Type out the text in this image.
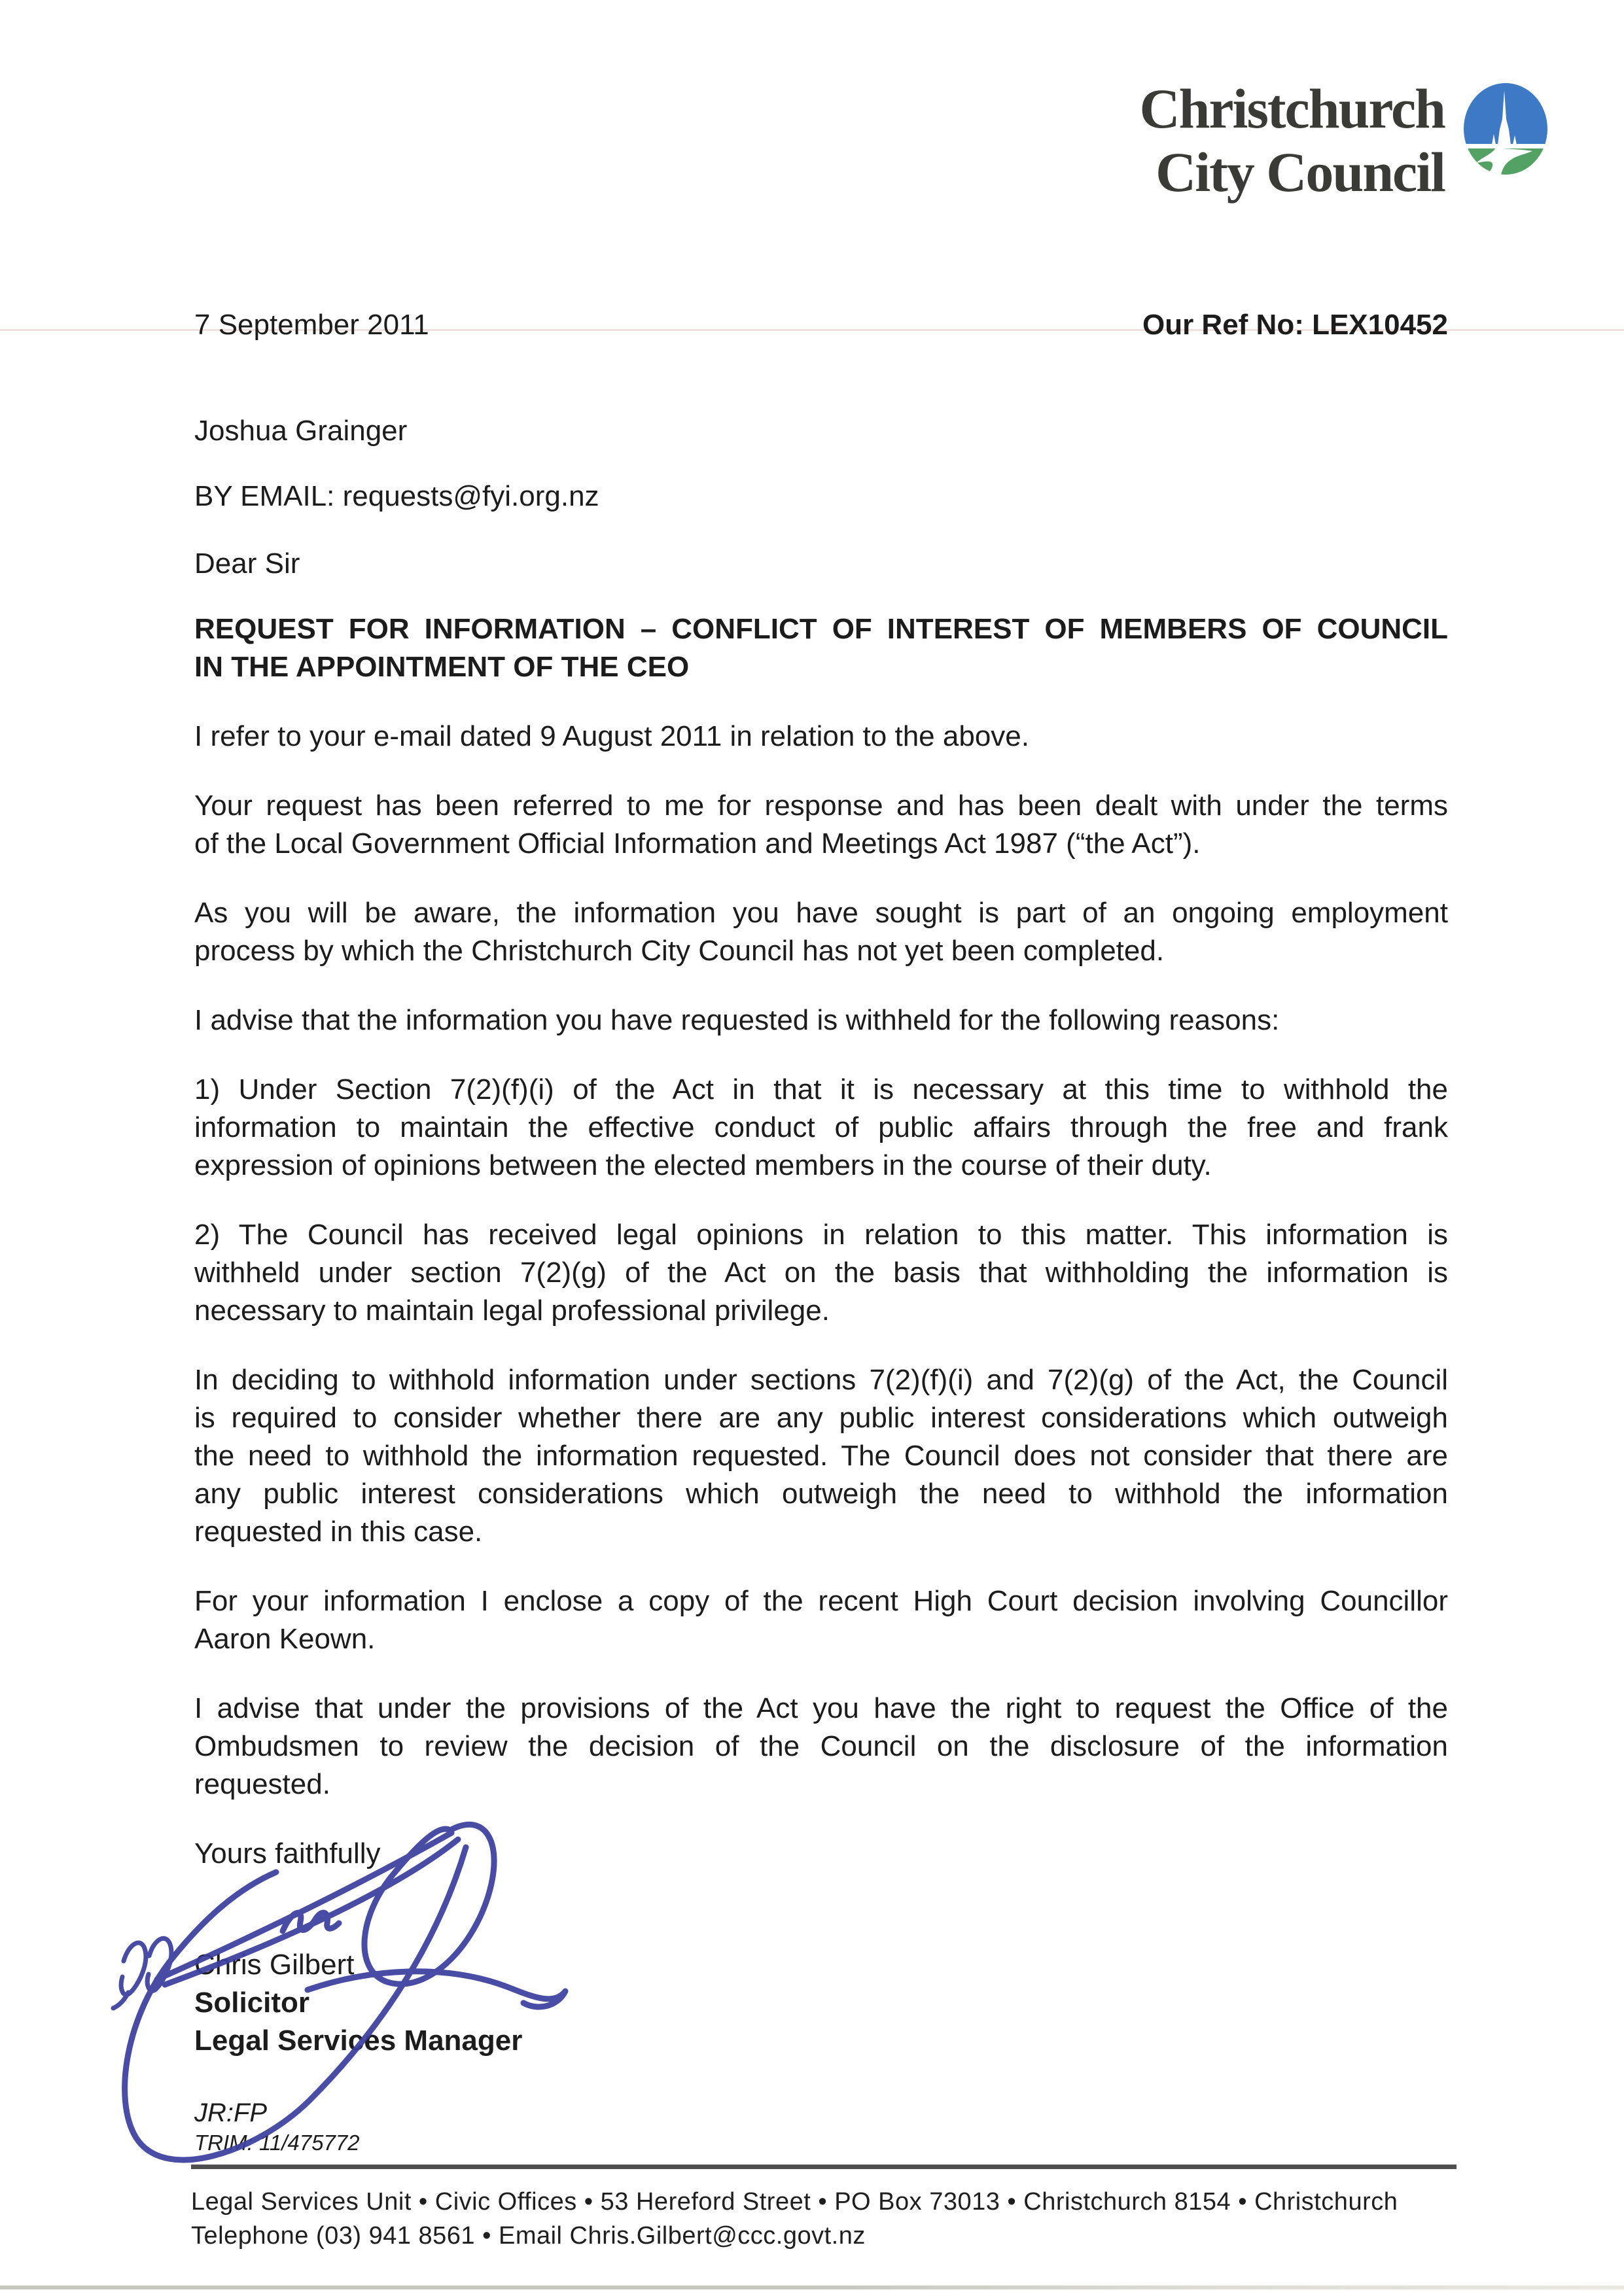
Christchurch
City Council
7 September 2011	Our Ref No: LEX10452
Joshua Grainger
BY EMAIL: requests@fyi.org.nz
Dear Sir
REQUEST FOR INFORMATION – CONFLICT OF INTEREST OF MEMBERS OF COUNCIL
IN THE APPOINTMENT OF THE CEO
I refer to your e-mail dated 9 August 2011 in relation to the above.
Your request has been referred to me for response and has been dealt with under the terms
of the Local Government Official Information and Meetings Act 1987 (“the Act”).
As you will be aware, the information you have sought is part of an ongoing employment
process by which the Christchurch City Council has not yet been completed.
I advise that the information you have requested is withheld for the following reasons:
1) Under Section 7(2)(f)(i) of the Act in that it is necessary at this time to withhold the
information to maintain the effective conduct of public affairs through the free and frank
expression of opinions between the elected members in the course of their duty.
2) The Council has received legal opinions in relation to this matter. This information is
withheld under section 7(2)(g) of the Act on the basis that withholding the information is
necessary to maintain legal professional privilege.
In deciding to withhold information under sections 7(2)(f)(i) and 7(2)(g) of the Act, the Council
is required to consider whether there are any public interest considerations which outweigh
the need to withhold the information requested. The Council does not consider that there are
any public interest considerations which outweigh the need to withhold the information
requested in this case.
For your information I enclose a copy of the recent High Court decision involving Councillor
Aaron Keown.
I advise that under the provisions of the Act you have the right to request the Office of the
Ombudsmen to review the decision of the Council on the disclosure of the information
requested.
Yours faithfully
Chris Gilbert
Solicitor
Legal Services Manager
JR:FP
TRIM: 11/475772
Legal Services Unit • Civic Offices • 53 Hereford Street • PO Box 73013 • Christchurch 8154 • Christchurch
Telephone (03) 941 8561 • Email Chris.Gilbert@ccc.govt.nz
